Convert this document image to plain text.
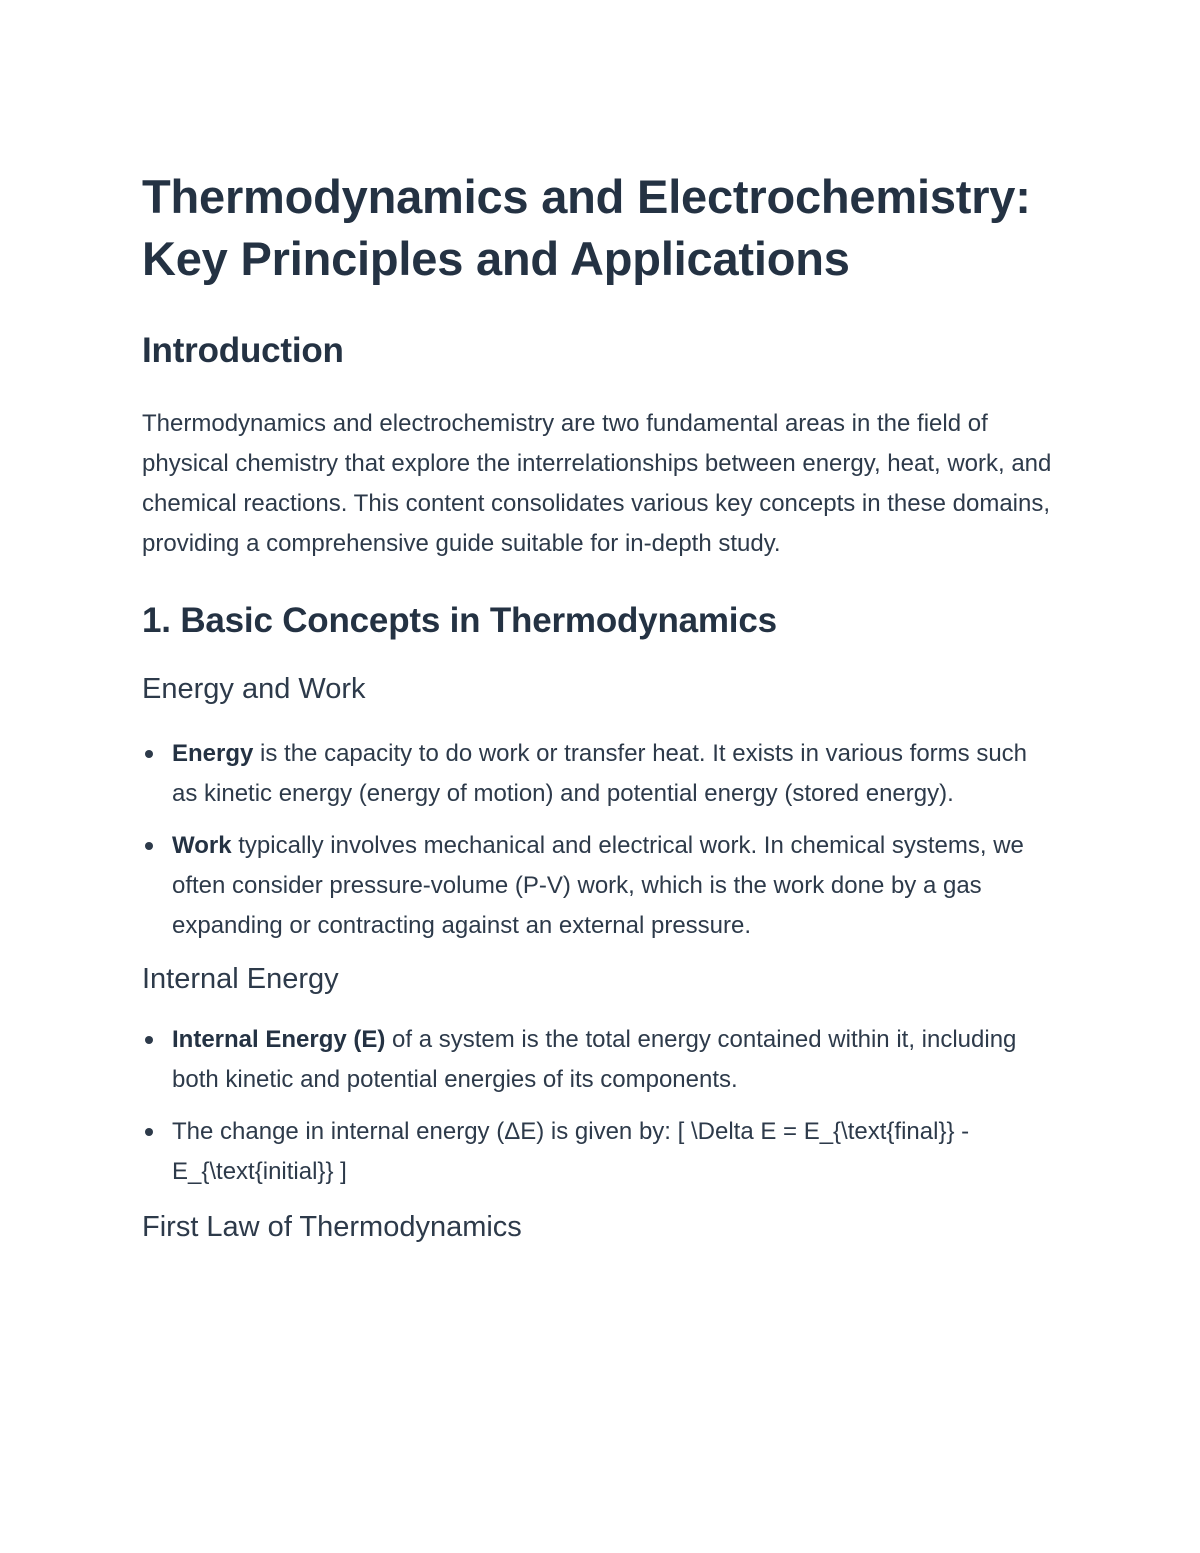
Thermodynamics and Electrochemistry: Key Principles and Applications
Introduction

Thermodynamics and electrochemistry are two fundamental areas in the field of physical chemistry that explore the interrelationships between energy, heat, work, and chemical reactions. This content consolidates various key concepts in these domains, providing a comprehensive guide suitable for in-depth study.

1. Basic Concepts in Thermodynamics
Energy and Work
Energy is the capacity to do work or transfer heat. It exists in various forms such as kinetic energy (energy of motion) and potential energy (stored energy).
Work typically involves mechanical and electrical work. In chemical systems, we often consider pressure-volume (P-V) work, which is the work done by a gas expanding or contracting against an external pressure.
Internal Energy
Internal Energy (E) of a system is the total energy contained within it, including both kinetic and potential energies of its components.
The change in internal energy (ΔE) is given by: [ \Delta E = E_{\text{final}} - E_{\text{initial}} ]
First Law of Thermodynamics
